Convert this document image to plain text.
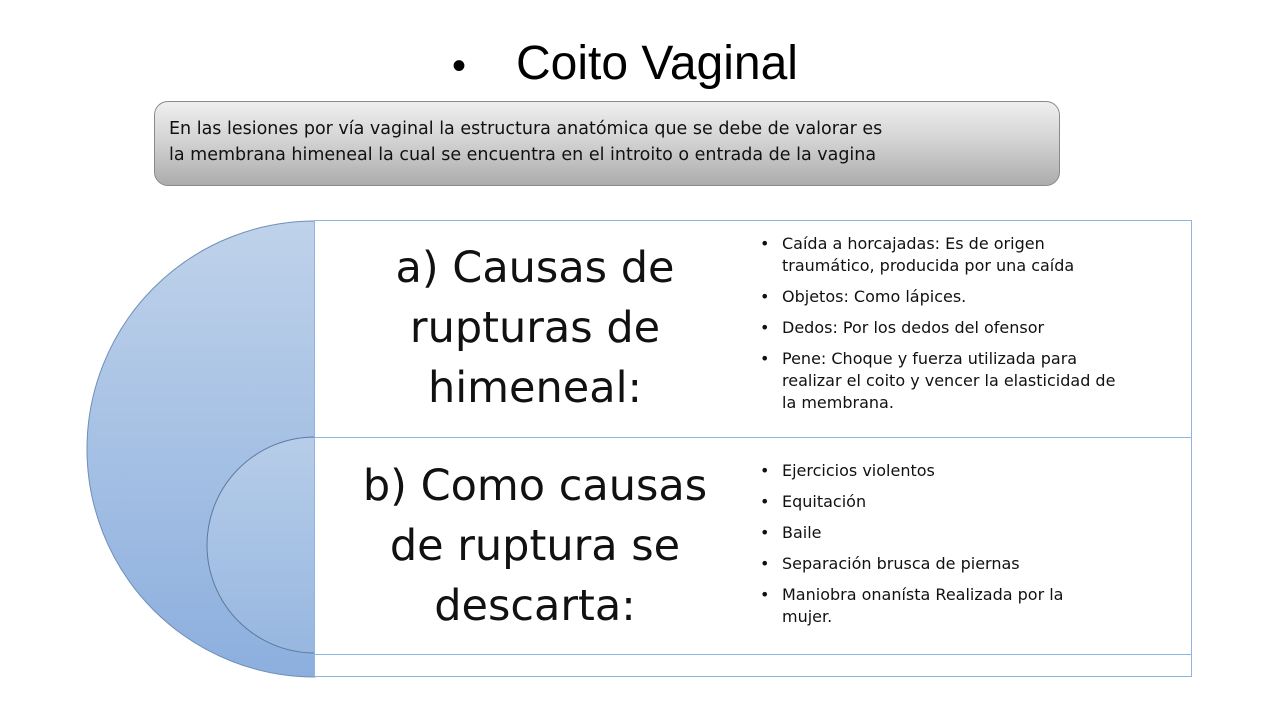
• Coito Vaginal
En las lesiones por vía vaginal la estructura anatómica que se debe de valorar es
la membrana himeneal la cual se encuentra en el introito o entrada de la vagina
a) Causas de
rupturas de
himeneal:
• Caída a horcajadas: Es de origen
traumático, producida por una caída
• Objetos: Como lápices.
• Dedos: Por los dedos del ofensor
• Pene: Choque y fuerza utilizada para
realizar el coito y vencer la elasticidad de
la membrana.
b) Como causas
de ruptura se
descarta:
• Ejercicios violentos
• Equitación
• Baile
• Separación brusca de piernas
• Maniobra onanísta Realizada por la
mujer.
